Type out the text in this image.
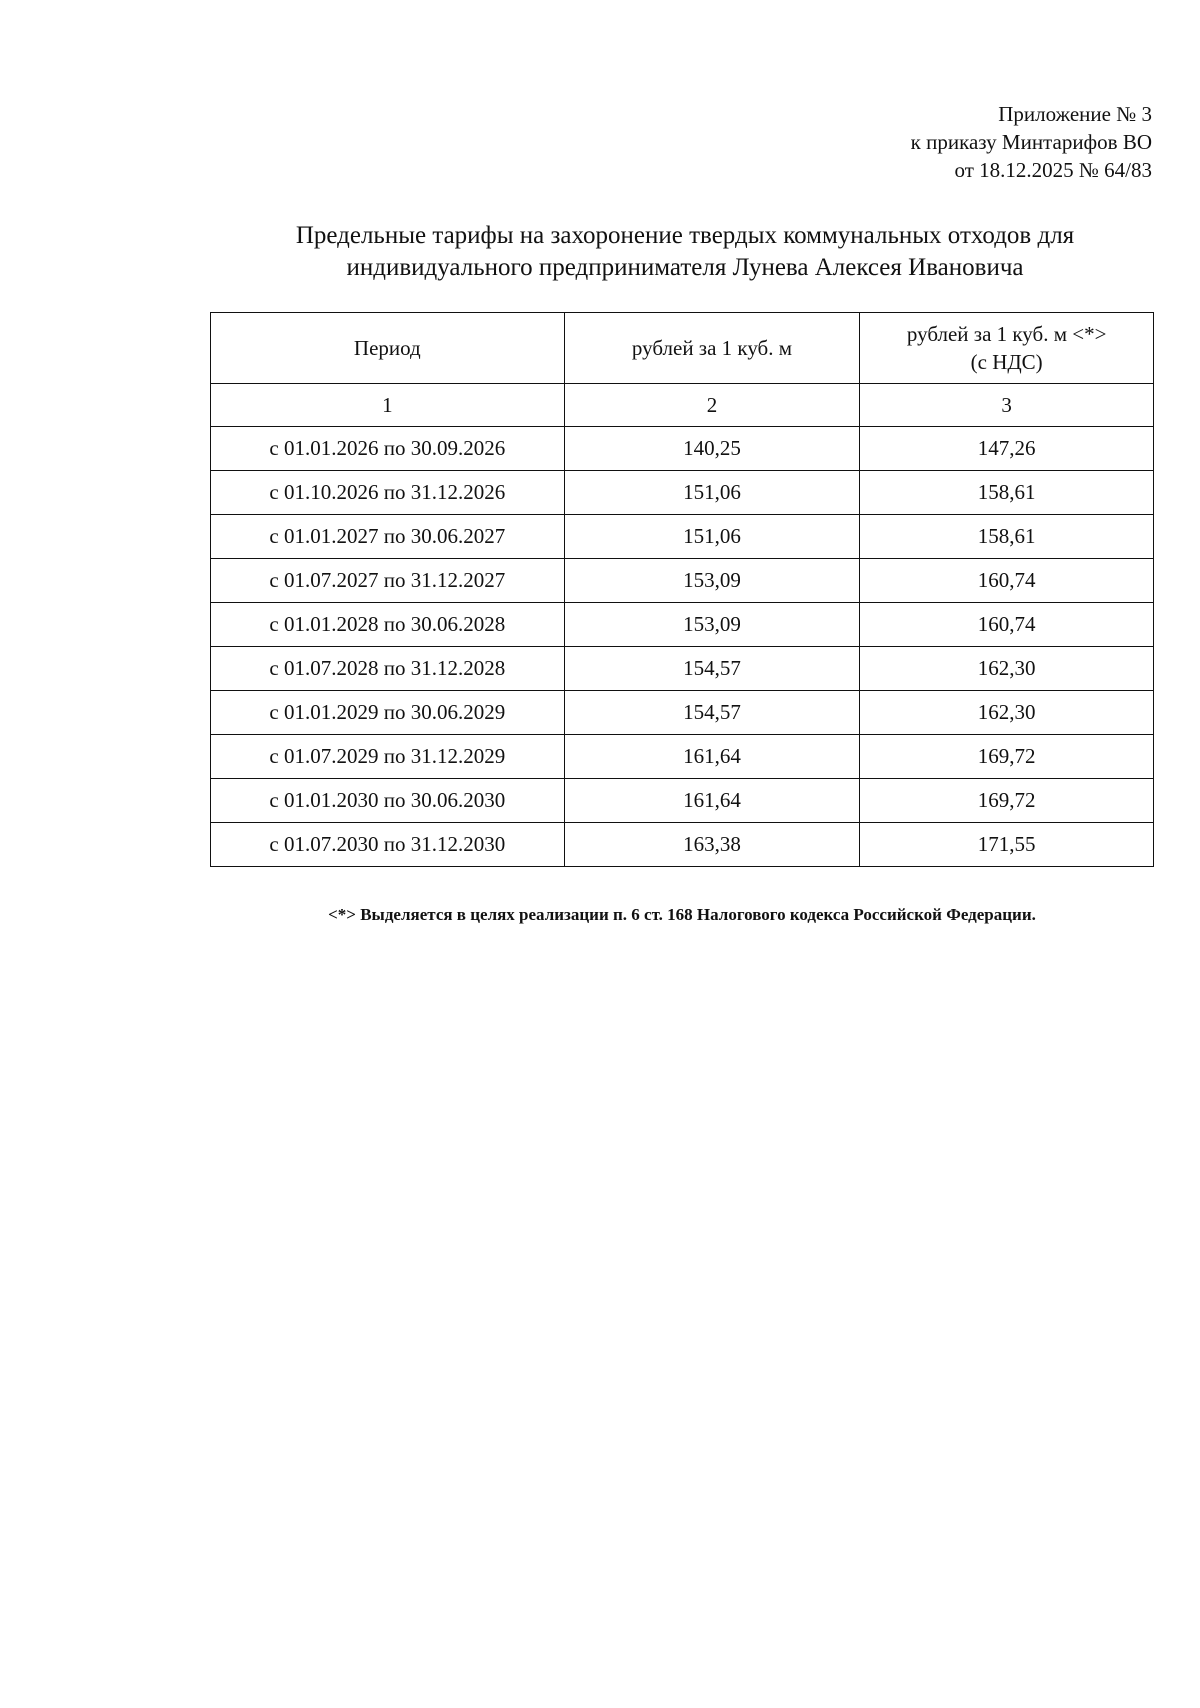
Приложение № 3
к приказу Минтарифов ВО
от 18.12.2025 № 64/83
Предельные тарифы на захоронение твердых коммунальных отходов для
индивидуального предпринимателя Лунева Алексея Ивановича
Период	рублей за 1 куб. м	рублей за 1 куб. м <*>
(с НДС)

1	2	3
с 01.01.2026 по 30.09.2026	140,25	147,26
с 01.10.2026 по 31.12.2026	151,06	158,61
с 01.01.2027 по 30.06.2027	151,06	158,61
с 01.07.2027 по 31.12.2027	153,09	160,74
с 01.01.2028 по 30.06.2028	153,09	160,74
с 01.07.2028 по 31.12.2028	154,57	162,30
с 01.01.2029 по 30.06.2029	154,57	162,30
с 01.07.2029 по 31.12.2029	161,64	169,72
с 01.01.2030 по 30.06.2030	161,64	169,72
с 01.07.2030 по 31.12.2030	163,38	171,55
<*> Выделяется в целях реализации п. 6 ст. 168 Налогового кодекса Российской Федерации.
